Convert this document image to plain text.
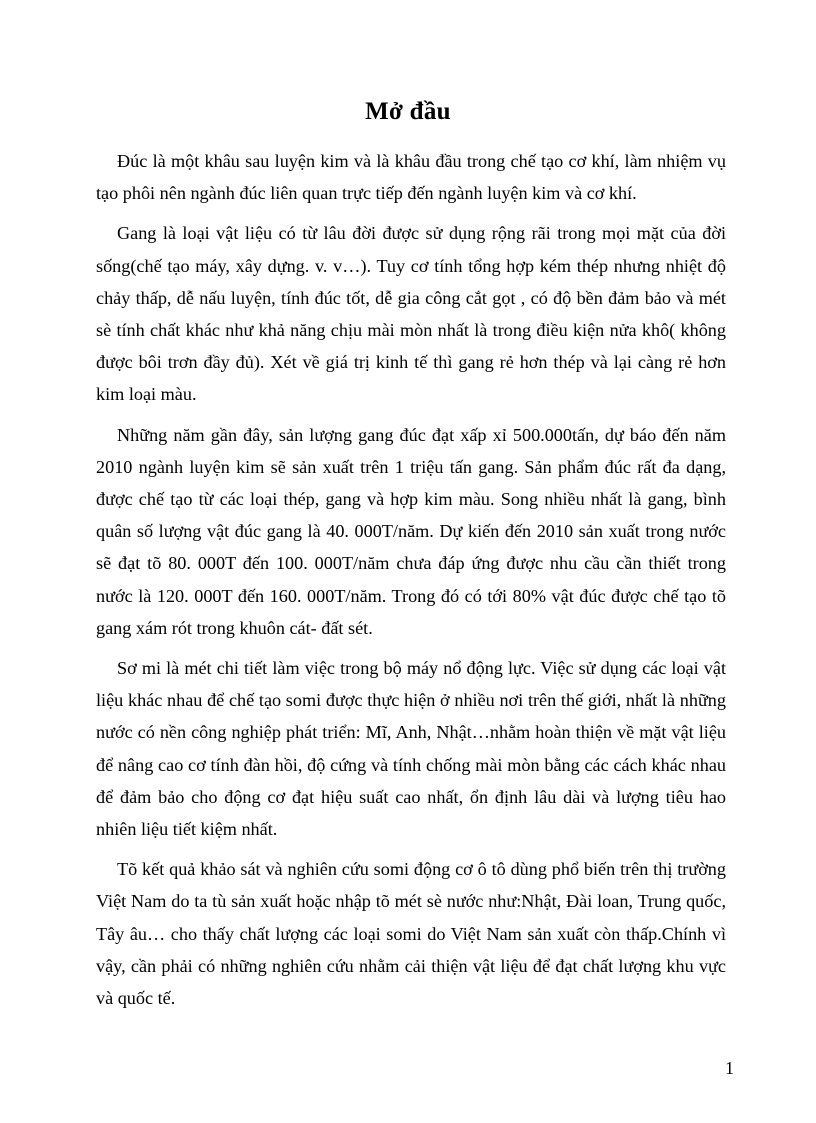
Mở đầu

Đúc là một khâu sau luyện kim và là khâu đầu trong chế tạo cơ khí, làm nhiệm vụ tạo phôi nên ngành đúc liên quan trực tiếp đến ngành luyện kim và cơ khí.

Gang là loại vật liệu có từ lâu đời được sử dụng rộng rãi trong mọi mặt của đời sống(chế tạo máy, xây dựng. v. v…). Tuy cơ tính tổng hợp kém thép nhưng nhiệt độ chảy thấp, dễ nấu luyện, tính đúc tốt, dễ gia công cắt gọt , có độ bền đảm bảo và mét sè tính chất khác như khả năng chịu mài mòn nhất là trong điều kiện nửa khô( không được bôi trơn đầy đủ). Xét về giá trị kinh tế thì gang rẻ hơn thép và lại càng rẻ hơn kim loại màu.

Những năm gần đây, sản lượng gang đúc đạt xấp xỉ 500.000tấn, dự báo đến năm 2010 ngành luyện kim sẽ sản xuất trên 1 triệu tấn gang. Sản phẩm đúc rất đa dạng, được chế tạo từ các loại thép, gang và hợp kim màu. Song nhiều nhất là gang, bình quân số lượng vật đúc gang là 40. 000T/năm. Dự kiến đến 2010 sản xuất trong nước sẽ đạt tõ 80. 000T đến 100. 000T/năm chưa đáp ứng được nhu cầu cần thiết trong nước là 120. 000T đến 160. 000T/năm. Trong đó có tới 80% vật đúc được chế tạo tõ gang xám rót trong khuôn cát- đất sét.

Sơ mi là mét chi tiết làm việc trong bộ máy nổ động lực. Việc sử dụng các loại vật liệu khác nhau để chế tạo somi được thực hiện ở nhiều nơi trên thế giới, nhất là những nước có nền công nghiệp phát triển: Mĩ, Anh, Nhật…nhằm hoàn thiện về mặt vật liệu để nâng cao cơ tính đàn hồi, độ cứng và tính chống mài mòn bằng các cách khác nhau để đảm bảo cho động cơ đạt hiệu suất cao nhất, ổn định lâu dài và lượng tiêu hao nhiên liệu tiết kiệm nhất.

Tõ kết quả khảo sát và nghiên cứu somi động cơ ô tô dùng phổ biến trên thị trường Việt Nam do ta tù sản xuất hoặc nhập tõ mét sè nước như:Nhật, Đài loan, Trung quốc, Tây âu… cho thấy chất lượng các loại somi do Việt Nam sản xuất còn thấp.Chính vì vậy, cần phải có những nghiên cứu nhằm cải thiện vật liệu để đạt chất lượng khu vực và quốc tế.

1
